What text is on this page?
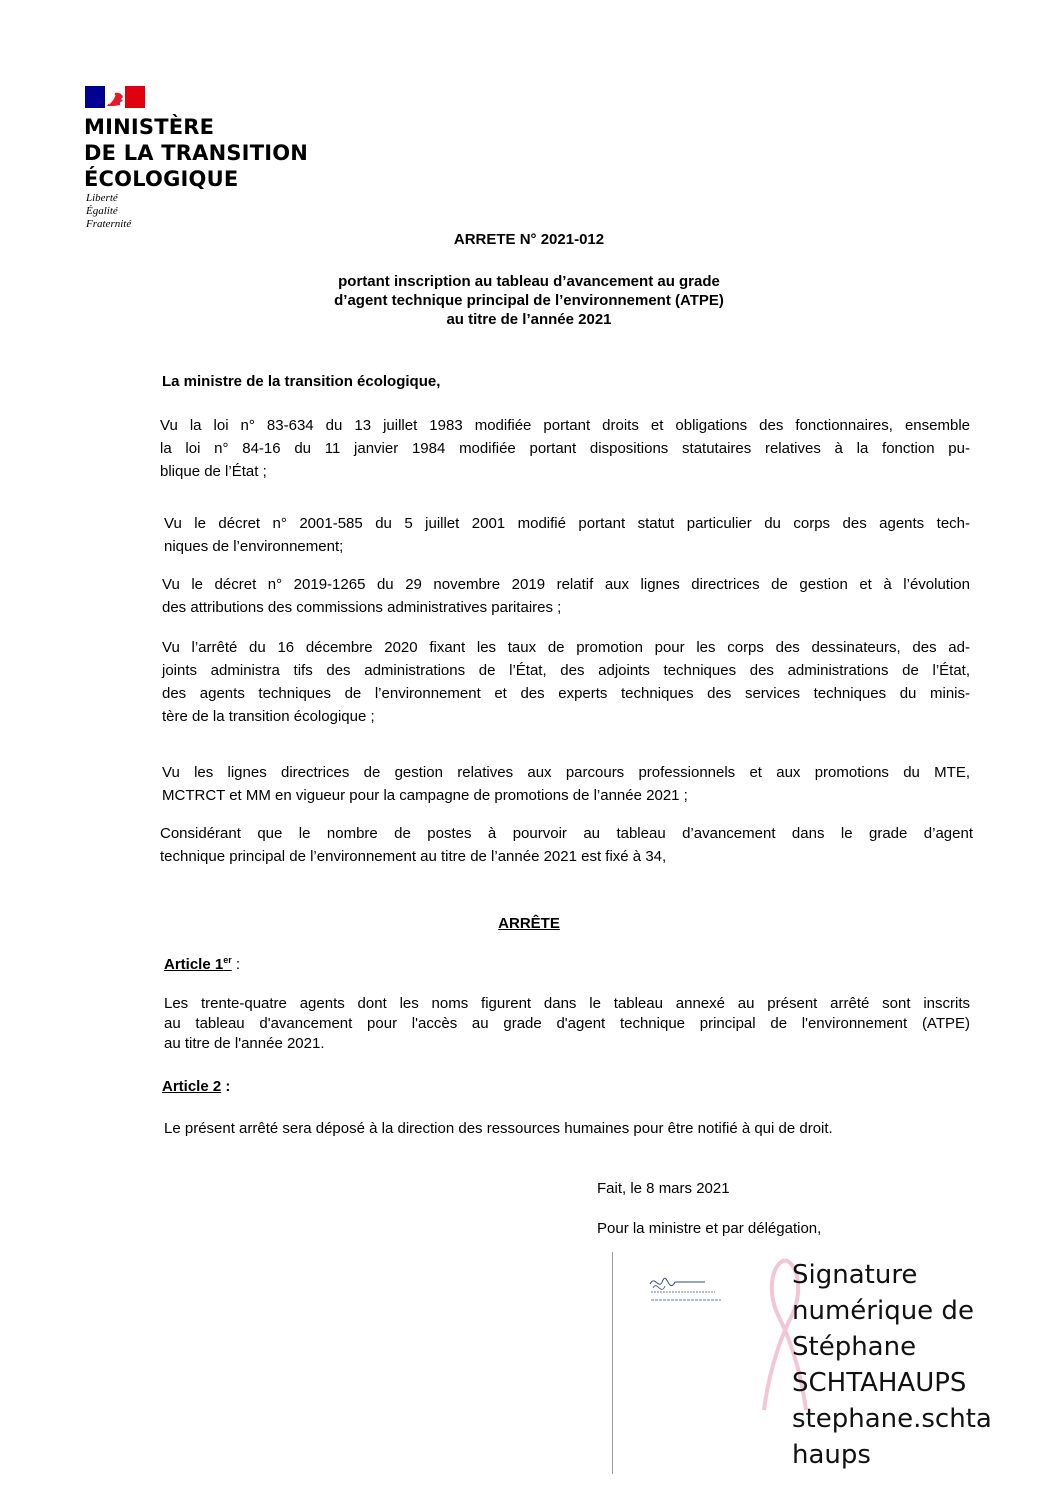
MINISTÈRE
DE LA TRANSITION
ÉCOLOGIQUE
Liberté
Égalité
Fraternité
ARRETE N° 2021-012
portant inscription au tableau d’avancement au grade
d’agent technique principal de l’environnement (ATPE)
au titre de l’année 2021
La ministre de la transition écologique,
Vu la loi n° 83-634 du 13 juillet 1983 modifiée portant droits et obligations des fonctionnaires, ensemble
la loi n° 84-16 du 11 janvier 1984 modifiée portant dispositions statutaires relatives à la fonction pu-
blique de l’État ;
Vu le décret n° 2001-585 du 5 juillet 2001 modifié portant statut particulier du corps des agents tech-
niques de l’environnement;
Vu le décret n° 2019-1265 du 29 novembre 2019 relatif aux lignes directrices de gestion et à l’évolution
des attributions des commissions administratives paritaires ;
Vu l’arrêté du 16 décembre 2020 fixant les taux de promotion pour les corps des dessinateurs, des ad-
joints administra tifs des administrations de l’État, des adjoints techniques des administrations de l’État,
des agents techniques de l’environnement et des experts techniques des services techniques du minis-
tère de la transition écologique ;
Vu les lignes directrices de gestion relatives aux parcours professionnels et aux promotions du MTE,
MCTRCT et MM en vigueur pour la campagne de promotions de l’année 2021 ;
Considérant que le nombre de postes à pourvoir au tableau d’avancement dans le grade d’agent
technique principal de l’environnement au titre de l’année 2021 est fixé à 34,
ARRÊTE
Article 1er :
Les trente-quatre agents dont les noms figurent dans le tableau annexé au présent arrêté sont inscrits
au tableau d'avancement pour l'accès au grade d'agent technique principal de l'environnement (ATPE)
au titre de l'année 2021.
Article 2 :
Le présent arrêté sera déposé à la direction des ressources humaines pour être notifié à qui de droit.
Fait, le 8 mars 2021
Pour la ministre et par délégation,
Signature
numérique de
Stéphane
SCHTAHAUPS
stephane.schta
haups
